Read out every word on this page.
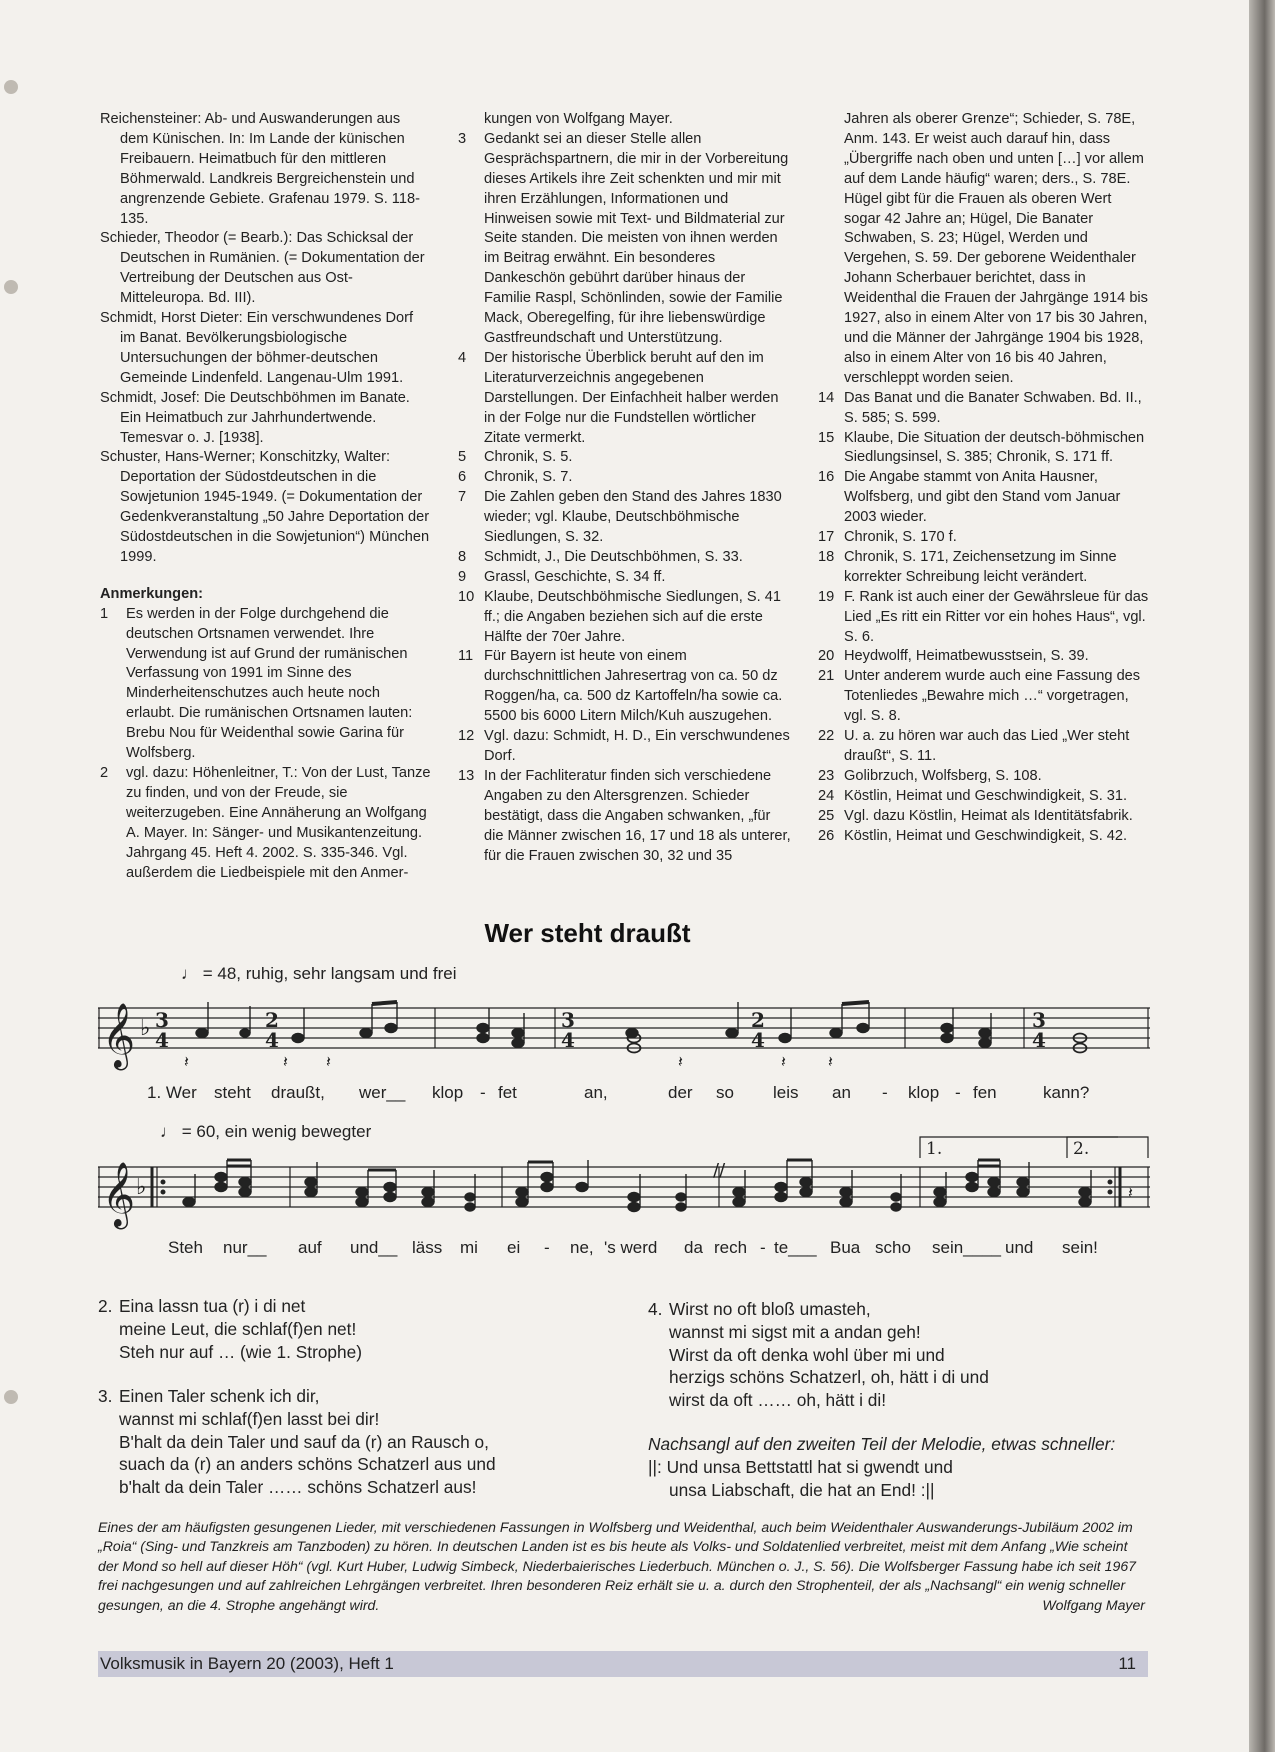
Reichensteiner: Ab- und Auswanderungen aus dem Künischen. In: Im Lande der künischen Freibauern. Heimatbuch für den mittleren Böhmerwald. Landkreis Bergreichenstein und angrenzende Gebiete. Grafenau 1979. S. 118-135.

Schieder, Theodor (= Bearb.): Das Schicksal der Deutschen in Rumänien. (= Dokumentation der Vertreibung der Deutschen aus Ost-Mitteleuropa. Bd. III).

Schmidt, Horst Dieter: Ein verschwundenes Dorf im Banat. Bevölkerungsbiologische Untersuchungen der böhmer-deutschen Gemeinde Lindenfeld. Langenau-Ulm 1991.

Schmidt, Josef: Die Deutschböhmen im Banate. Ein Heimatbuch zur Jahrhundertwende. Temesvar o. J. [1938].

Schuster, Hans-Werner; Konschitzky, Walter: Deportation der Südostdeutschen in die Sowjetunion 1945-1949. (= Dokumentation der Gedenkveranstaltung „50 Jahre Deportation der Südostdeutschen in die Sowjetunion“) München 1999.

Anmerkungen:

1 Es werden in der Folge durchgehend die deutschen Ortsnamen verwendet. Ihre Verwendung ist auf Grund der rumänischen Verfassung von 1991 im Sinne des Minderheitenschutzes auch heute noch erlaubt. Die rumänischen Ortsnamen lauten: Brebu Nou für Weidenthal sowie Garina für Wolfsberg.

2 vgl. dazu: Höhenleitner, T.: Von der Lust, Tanze zu finden, und von der Freude, sie weiterzugeben. Eine Annäherung an Wolfgang A. Mayer. In: Sänger- und Musikantenzeitung. Jahrgang 45. Heft 4. 2002. S. 335-346. Vgl. außerdem die Liedbeispiele mit den Anmer-

kungen von Wolfgang Mayer.

3 Gedankt sei an dieser Stelle allen Gesprächspartnern, die mir in der Vorbereitung dieses Artikels ihre Zeit schenkten und mir mit ihren Erzählungen, Informationen und Hinweisen sowie mit Text- und Bildmaterial zur Seite standen. Die meisten von ihnen werden im Beitrag erwähnt. Ein besonderes Dankeschön gebührt darüber hinaus der Familie Raspl, Schönlinden, sowie der Familie Mack, Oberegelfing, für ihre liebenswürdige Gastfreundschaft und Unterstützung.

4 Der historische Überblick beruht auf den im Literaturverzeichnis angegebenen Darstellungen. Der Einfachheit halber werden in der Folge nur die Fundstellen wörtlicher Zitate vermerkt.

5 Chronik, S. 5.

6 Chronik, S. 7.

7 Die Zahlen geben den Stand des Jahres 1830 wieder; vgl. Klaube, Deutschböhmische Siedlungen, S. 32.

8 Schmidt, J., Die Deutschböhmen, S. 33.

9 Grassl, Geschichte, S. 34 ff.

10 Klaube, Deutschböhmische Siedlungen, S. 41 ff.; die Angaben beziehen sich auf die erste Hälfte der 70er Jahre.

11 Für Bayern ist heute von einem durchschnittlichen Jahresertrag von ca. 50 dz Roggen/ha, ca. 500 dz Kartoffeln/ha sowie ca. 5500 bis 6000 Litern Milch/Kuh auszugehen.

12 Vgl. dazu: Schmidt, H. D., Ein verschwundenes Dorf.

13 In der Fachliteratur finden sich verschiedene Angaben zu den Altersgrenzen. Schieder bestätigt, dass die Angaben schwanken, „für die Männer zwischen 16, 17 und 18 als unterer, für die Frauen zwischen 30, 32 und 35

Jahren als oberer Grenze“; Schieder, S. 78E, Anm. 143. Er weist auch darauf hin, dass „Übergriffe nach oben und unten […] vor allem auf dem Lande häufig“ waren; ders., S. 78E. Hügel gibt für die Frauen als oberen Wert sogar 42 Jahre an; Hügel, Die Banater Schwaben, S. 23; Hügel, Werden und Vergehen, S. 59. Der geborene Weidenthaler Johann Scherbauer berichtet, dass in Weidenthal die Frauen der Jahrgänge 1914 bis 1927, also in einem Alter von 17 bis 30 Jahren, und die Männer der Jahrgänge 1904 bis 1928, also in einem Alter von 16 bis 40 Jahren, verschleppt worden seien.

14 Das Banat und die Banater Schwaben. Bd. II., S. 585; S. 599.

15 Klaube, Die Situation der deutsch-böhmischen Siedlungsinsel, S. 385; Chronik, S. 171 ff.

16 Die Angabe stammt von Anita Hausner, Wolfsberg, und gibt den Stand vom Januar 2003 wieder.

17 Chronik, S. 170 f.

18 Chronik, S. 171, Zeichensetzung im Sinne korrekter Schreibung leicht verändert.

19 F. Rank ist auch einer der Gewährsleue für das Lied „Es ritt ein Ritter vor ein hohes Haus“, vgl. S. 6.

20 Heydwolff, Heimatbewusstsein, S. 39.

21 Unter anderem wurde auch eine Fassung des Totenliedes „Bewahre mich …“ vorgetragen, vgl. S. 8.

22 U. a. zu hören war auch das Lied „Wer steht draußt“, S. 11.

23 Golibrzuch, Wolfsberg, S. 108.

24 Köstlin, Heimat und Geschwindigkeit, S. 31.

25 Vgl. dazu Köstlin, Heimat als Identitätsfabrik.

26 Köstlin, Heimat und Geschwindigkeit, S. 42.

Wer steht draußt
♩ = 48, ruhig, sehr langsam und frei
𝄞 ♭ 3
4
2
4
3
4
2
4
3
4
𝄽	𝄽 𝄽	𝄽	𝄽	𝄽
1. Wer steht draußt, wer__ klop - fet	an,	der so leis an - klop - fen	kann?
♩ = 60, ein wenig bewegter
𝄞 ♭
1.	2.
//
𝄽
Steh nur__ auf und__ läss mi ei - ne, 's werd da rech - te___ Bua scho sein____ und sein!
2. Eina lassn tua (r) i di net

meine Leut, die schlaf(f)en net!

Steh nur auf … (wie 1. Strophe)

3. Einen Taler schenk ich dir,

wannst mi schlaf(f)en lasst bei dir!

B'halt da dein Taler und sauf da (r) an Rausch o,

suach da (r) an anders schöns Schatzerl aus und

b'halt da dein Taler …… schöns Schatzerl aus!

4. Wirst no oft bloß umasteh,

wannst mi sigst mit a andan geh!

Wirst da oft denka wohl über mi und

herzigs schöns Schatzerl, oh, hätt i di und

wirst da oft …… oh, hätt i di!

Nachsangl auf den zweiten Teil der Melodie, etwas schneller:

||: Und unsa Bettstattl hat si gwendt und

unsa Liabschaft, die hat an End! :||

Eines der am häufigsten gesungenen Lieder, mit verschiedenen Fassungen in Wolfsberg und Weidenthal, auch beim Weidenthaler Auswanderungs-Jubiläum 2002 im „Roia“ (Sing- und Tanzkreis am Tanzboden) zu hören. In deutschen Landen ist es bis heute als Volks- und Soldatenlied verbreitet, meist mit dem Anfang „Wie scheint der Mond so hell auf dieser Höh“ (vgl. Kurt Huber, Ludwig Simbeck, Niederbaierisches Liederbuch. München o. J., S. 56). Die Wolfsberger Fassung habe ich seit 1967 frei nachgesungen und auf zahlreichen Lehrgängen verbreitet. Ihren besonderen Reiz erhält sie u. a. durch den Strophenteil, der als „Nachsangl“ ein wenig schneller gesungen, an die 4. Strophe angehängt wird.	Wolfgang Mayer
Volksmusik in Bayern 20 (2003), Heft 1	11
